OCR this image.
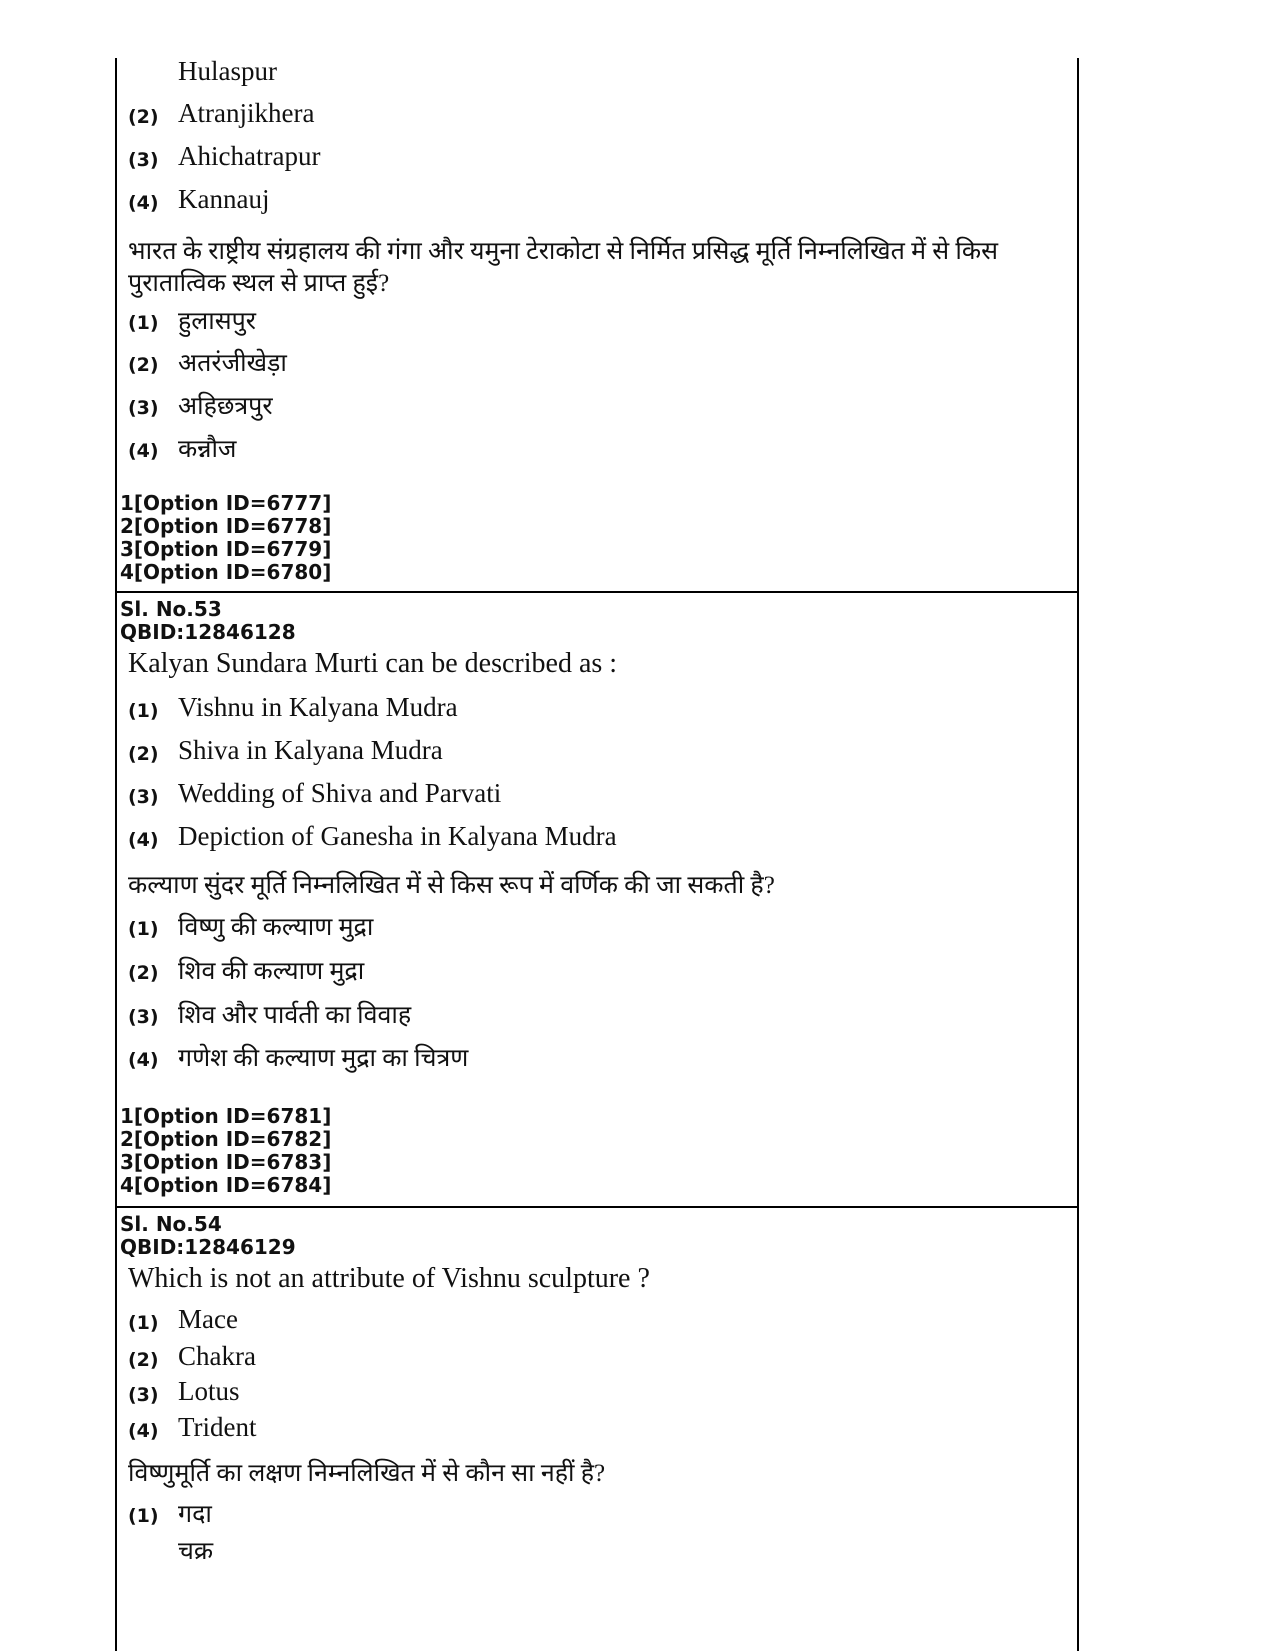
Hulaspur
(2) Atranjikhera
(3) Ahichatrapur
(4) Kannauj
भारत के राष्ट्रीय संग्रहालय की गंगा और यमुना टेराकोटा से निर्मित प्रसिद्ध मूर्ति निम्नलिखित में से किस
पुरातात्विक स्थल से प्राप्त हुई?
(1) हुलासपुर
(2) अतरंजीखेड़ा
(3) अहिछत्रपुर
(4) कन्नौज
1[Option ID=6777]
2[Option ID=6778]
3[Option ID=6779]
4[Option ID=6780]
Sl. No.53
QBID:12846128
Kalyan Sundara Murti can be described as :
(1) Vishnu in Kalyana Mudra
(2) Shiva in Kalyana Mudra
(3) Wedding of Shiva and Parvati
(4) Depiction of Ganesha in Kalyana Mudra
कल्याण सुंदर मूर्ति निम्नलिखित में से किस रूप में वर्णिक की जा सकती है?
(1) विष्णु की कल्याण मुद्रा
(2) शिव की कल्याण मुद्रा
(3) शिव और पार्वती का विवाह
(4) गणेश की कल्याण मुद्रा का चित्रण
1[Option ID=6781]
2[Option ID=6782]
3[Option ID=6783]
4[Option ID=6784]
Sl. No.54
QBID:12846129
Which is not an attribute of Vishnu sculpture ?
(1) Mace
(2) Chakra
(3) Lotus
(4) Trident
विष्णुमूर्ति का लक्षण निम्नलिखित में से कौन सा नहीं है?
(1) गदा
चक्र
